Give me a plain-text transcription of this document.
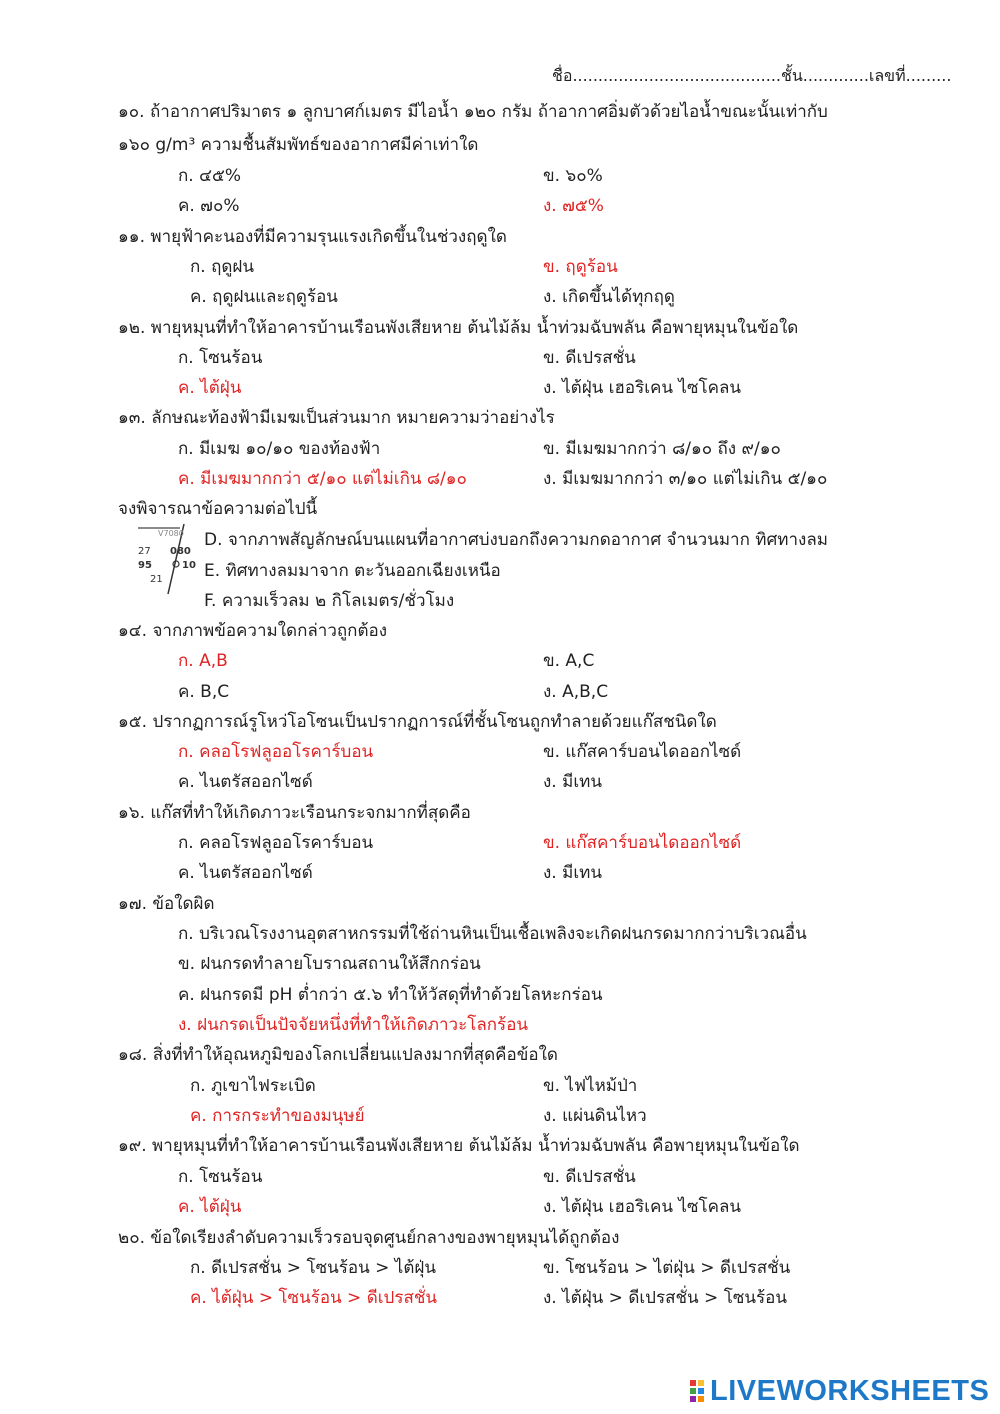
ชื่อ.........................................ชั้น.............เลขที่.........
๑๐. ถ้าอากาศปริมาตร ๑ ลูกบาศก์เมตร มีไอน้ำ ๑๒๐ กรัม ถ้าอากาศอิ่มตัวด้วยไอน้ำขณะนั้นเท่ากับ
๑๖๐ g/m³ ความชื้นสัมพัทธ์ของอากาศมีค่าเท่าใด
ก. ๔๕%	ข. ๖๐%
ค. ๗๐%	ง. ๗๕%
๑๑. พายุฟ้าคะนองที่มีความรุนแรงเกิดขึ้นในช่วงฤดูใด
ก. ฤดูฝน	ข. ฤดูร้อน
ค. ฤดูฝนและฤดูร้อน	ง. เกิดขึ้นได้ทุกฤดู
๑๒. พายุหมุนที่ทำให้อาคารบ้านเรือนพังเสียหาย ต้นไม้ล้ม น้ำท่วมฉับพลัน คือพายุหมุนในข้อใด
ก. โซนร้อน	ข. ดีเปรสชั่น
ค. ไต้ฝุ่น	ง. ไต้ฝุ่น เฮอริเคน ไซโคลน
๑๓. ลักษณะท้องฟ้ามีเมฆเป็นส่วนมาก หมายความว่าอย่างไร
ก. มีเมฆ ๑๐/๑๐ ของท้องฟ้า	ข. มีเมฆมากกว่า ๘/๑๐ ถึง ๙/๑๐
ค. มีเมฆมากกว่า ๕/๑๐ แต่ไม่เกิน ๘/๑๐	ง. มีเมฆมากกว่า ๓/๑๐ แต่ไม่เกิน ๕/๑๐
จงพิจารณาข้อความต่อไปนี้
V7080
27 080
95	10
21
D. จากภาพสัญลักษณ์บนแผนที่อากาศบ่งบอกถึงความกดอากาศ จำนวนมาก ทิศทางลม
E. ทิศทางลมมาจาก ตะวันออกเฉียงเหนือ
F. ความเร็วลม ๒ กิโลเมตร/ชั่วโมง
๑๔. จากภาพข้อความใดกล่าวถูกต้อง
ก. A,B	ข. A,C
ค. B,C	ง. A,B,C
๑๕. ปรากฏการณ์รูโหว่โอโซนเป็นปรากฏการณ์ที่ชั้นโซนถูกทำลายด้วยแก๊สชนิดใด
ก. คลอโรฟลูออโรคาร์บอน	ข. แก๊สคาร์บอนไดออกไซด์
ค. ไนตรัสออกไซด์	ง. มีเทน
๑๖. แก๊สที่ทำให้เกิดภาวะเรือนกระจกมากที่สุดคือ
ก. คลอโรฟลูออโรคาร์บอน	ข. แก๊สคาร์บอนไดออกไซด์
ค. ไนตรัสออกไซด์	ง. มีเทน
๑๗. ข้อใดผิด
ก. บริเวณโรงงานอุตสาหกรรมที่ใช้ถ่านหินเป็นเชื้อเพลิงจะเกิดฝนกรดมากกว่าบริเวณอื่น
ข. ฝนกรดทำลายโบราณสถานให้สึกกร่อน
ค. ฝนกรดมี pH ต่ำกว่า ๕.๖ ทำให้วัสดุที่ทำด้วยโลหะกร่อน
ง. ฝนกรดเป็นปัจจัยหนึ่งที่ทำให้เกิดภาวะโลกร้อน
๑๘. สิ่งที่ทำให้อุณหภูมิของโลกเปลี่ยนแปลงมากที่สุดคือข้อใด
ก. ภูเขาไฟระเบิด	ข. ไฟไหม้ป่า
ค. การกระทำของมนุษย์	ง. แผ่นดินไหว
๑๙. พายุหมุนที่ทำให้อาคารบ้านเรือนพังเสียหาย ต้นไม้ล้ม น้ำท่วมฉับพลัน คือพายุหมุนในข้อใด
ก. โซนร้อน	ข. ดีเปรสชั่น
ค. ไต้ฝุ่น	ง. ไต้ฝุ่น เฮอริเคน ไซโคลน
๒๐. ข้อใดเรียงลำดับความเร็วรอบจุดศูนย์กลางของพายุหมุนได้ถูกต้อง
ก. ดีเปรสชั่น > โซนร้อน > ไต้ฝุ่น	ข. โซนร้อน > ไต่ฝุ่น > ดีเปรสชั่น
ค. ไต้ฝุ่น > โซนร้อน > ดีเปรสชั่น	ง. ไต้ฝุ่น > ดีเปรสชั่น > โซนร้อน
LIVEWORKSHEETS
